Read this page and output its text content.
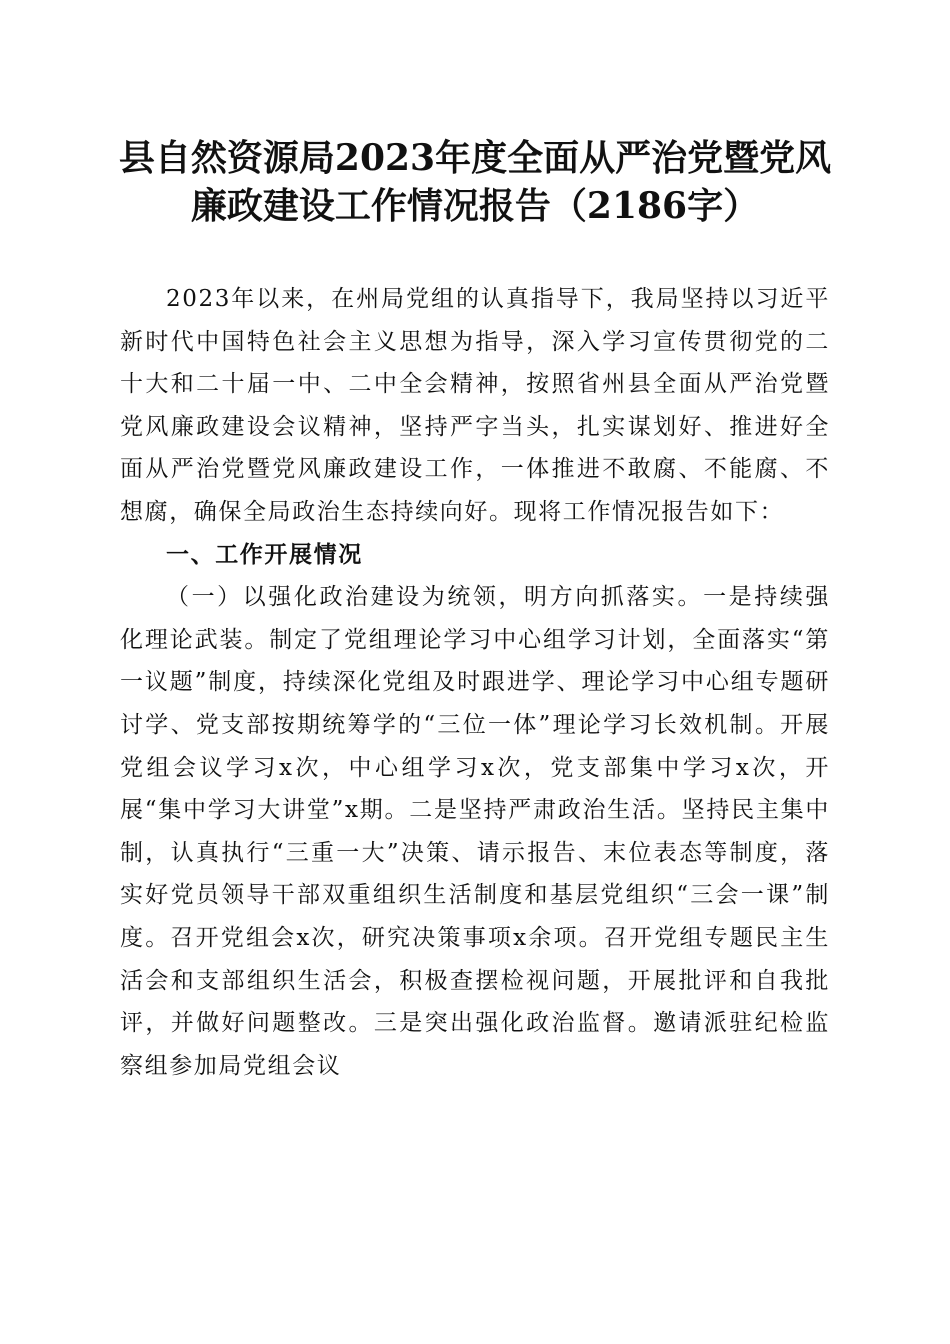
县自然资源局2023年度全面从严治党暨党风
廉政建设工作情况报告（2186字）

2023年以来，在州局党组的认真指导下，我局坚持以习近平新时代中国特色社会主义思想为指导，深入学习宣传贯彻党的二十大和二十届一中、二中全会精神，按照省州县全面从严治党暨党风廉政建设会议精神，坚持严字当头，扎实谋划好、推进好全面从严治党暨党风廉政建设工作，一体推进不敢腐、不能腐、不想腐，确保全局政治生态持续向好。现将工作情况报告如下：

一、工作开展情况

（一）以强化政治建设为统领，明方向抓落实。一是持续强化理论武装。制定了党组理论学习中心组学习计划，全面落实“第一议题”制度，持续深化党组及时跟进学、理论学习中心组专题研讨学、党支部按期统筹学的“三位一体”理论学习长效机制。开展党组会议学习x次，中心组学习x次，党支部集中学习x次，开展“集中学习大讲堂”x期。二是坚持严肃政治生活。坚持民主集中制，认真执行“三重一大”决策、请示报告、末位表态等制度，落实好党员领导干部双重组织生活制度和基层党组织“三会一课”制度。召开党组会x次，研究决策事项x余项。召开党组专题民主生活会和支部组织生活会，积极查摆检视问题，开展批评和自我批评，并做好问题整改。三是突出强化政治监督。邀请派驻纪检监察组参加局党组会议
